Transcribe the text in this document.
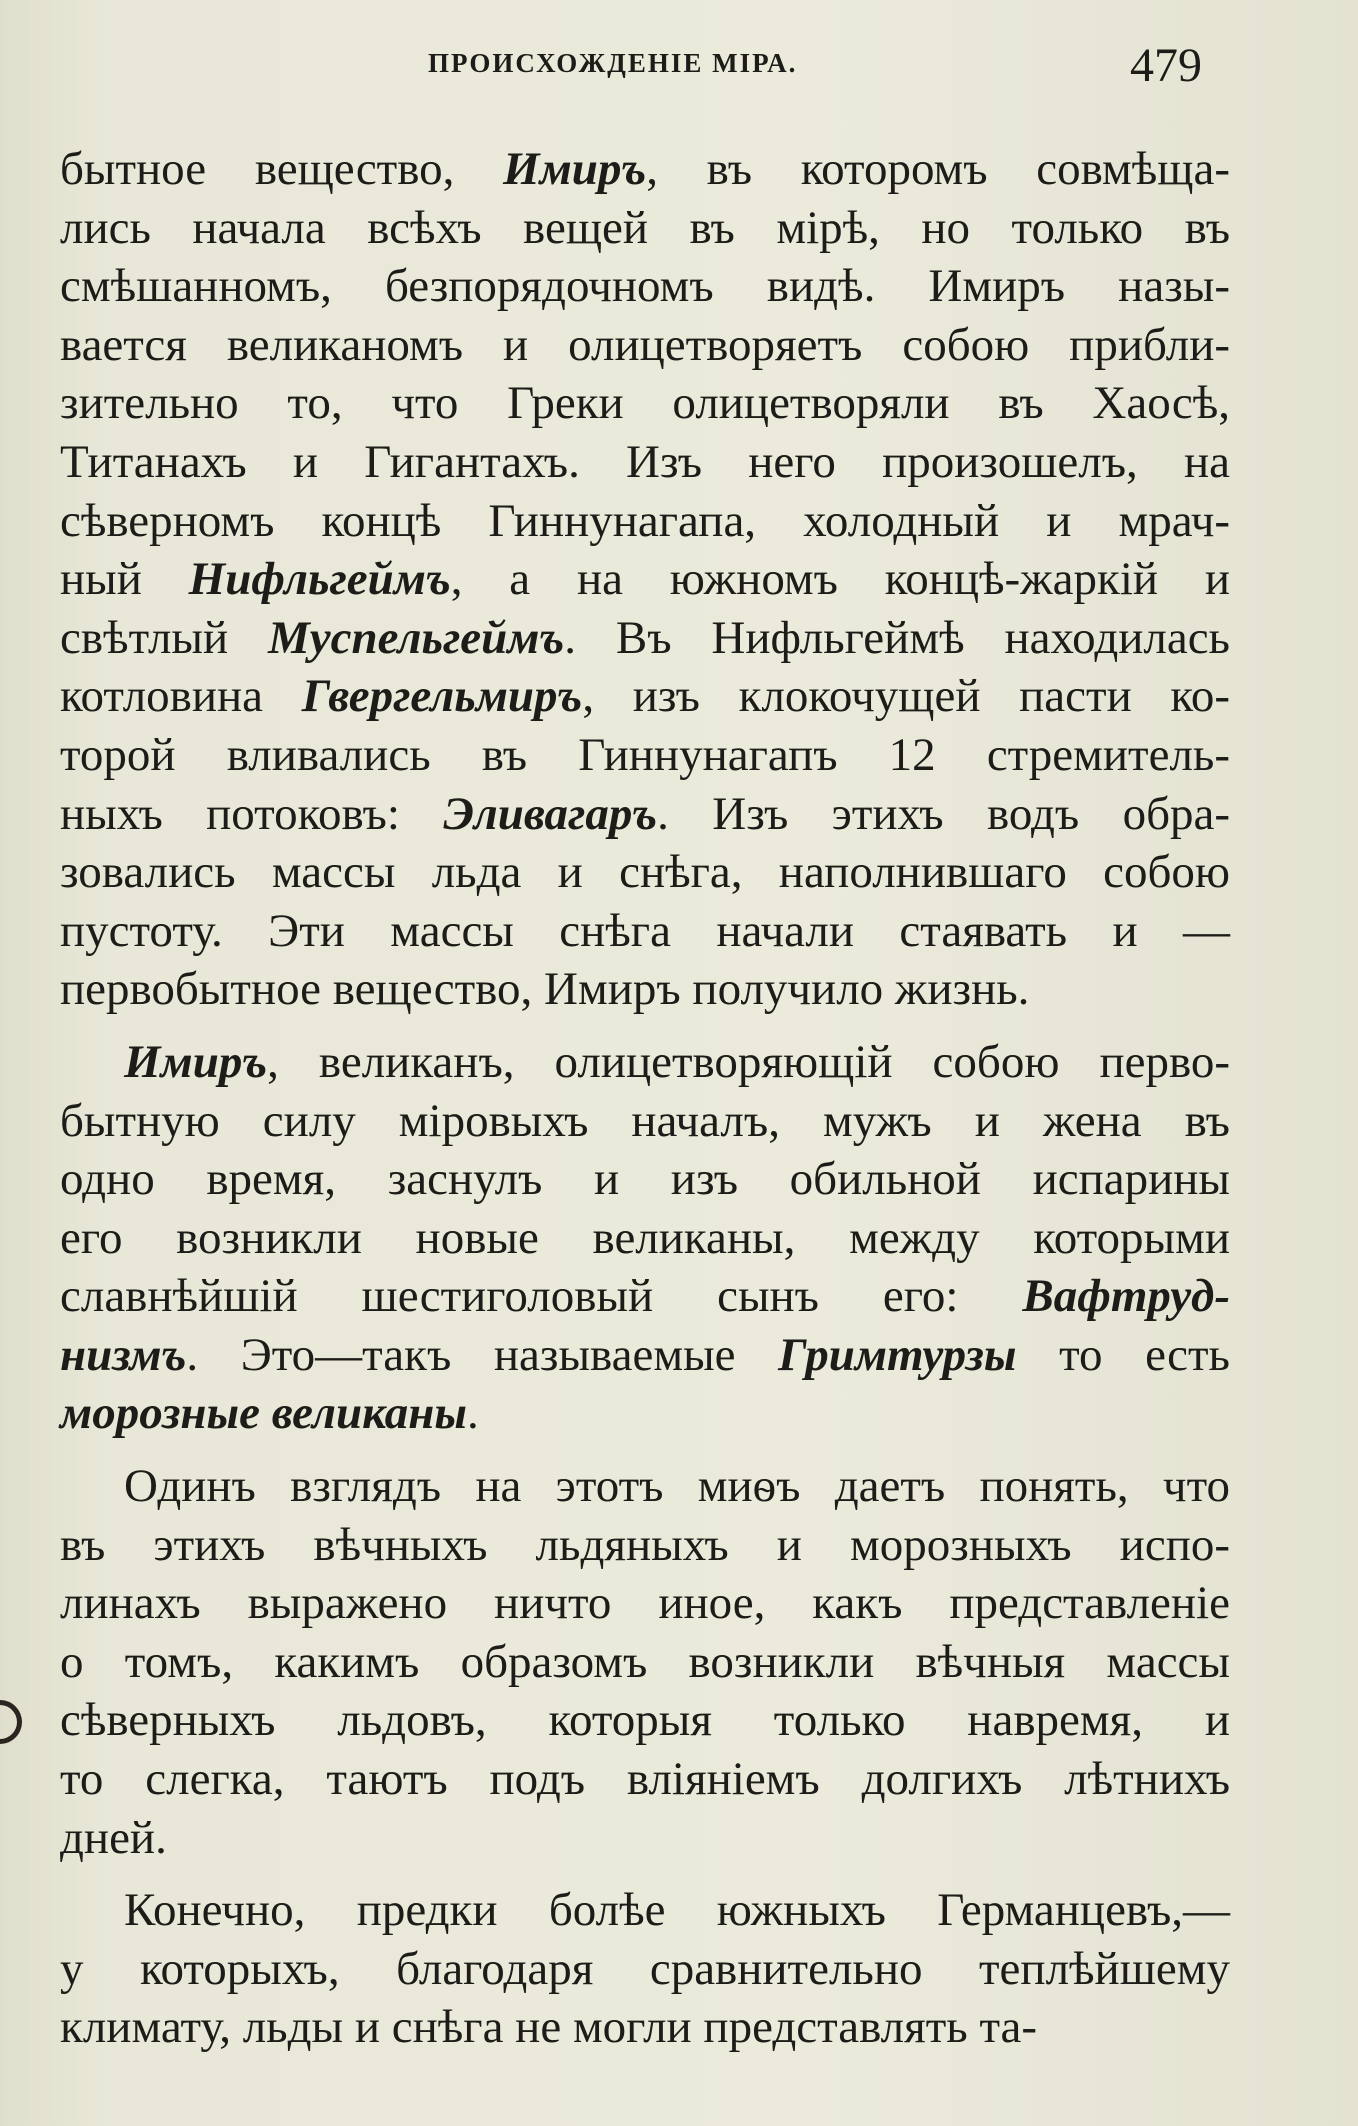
ПРОИСХОЖДЕНІЕ МІРА.	479
бытное вещество, Имиръ, въ которомъ совмѣща-
лись начала всѣхъ вещей въ мірѣ, но только въ
смѣшанномъ, безпорядочномъ видѣ. Имиръ назы-
вается великаномъ и олицетворяетъ собою прибли-
зительно то, что Греки олицетворяли въ Хаосѣ,
Титанахъ и Гигантахъ. Изъ него произошелъ, на
сѣверномъ концѣ Гиннунагапа, холодный и мрач-
ный Нифльгеймъ, а на южномъ концѣ-жаркій и
свѣтлый Муспельгеймъ. Въ Нифльгеймѣ находилась
котловина Гвергельмиръ, изъ клокочущей пасти ко-
торой вливались въ Гиннунагапъ 12 стремитель-
ныхъ потоковъ: Эливагаръ. Изъ этихъ водъ обра-
зовались массы льда и снѣга, наполнившаго собою
пустоту. Эти массы снѣга начали стаявать и —
первобытное вещество, Имиръ получило жизнь.
Имиръ, великанъ, олицетворяющій собою перво-
бытную силу міровыхъ началъ, мужъ и жена въ
одно время, заснулъ и изъ обильной испарины
его возникли новые великаны, между которыми
славнѣйшій шестиголовый сынъ его: Вафтруд-
низмъ. Это—такъ называемые Гримтурзы то есть
морозные великаны.
Одинъ взглядъ на этотъ миѳъ даетъ понять, что
въ этихъ вѣчныхъ льдяныхъ и морозныхъ испо-
линахъ выражено ничто иное, какъ представленіе
о томъ, какимъ образомъ возникли вѣчныя массы
сѣверныхъ льдовъ, которыя только навремя, и
то слегка, таютъ подъ вліяніемъ долгихъ лѣтнихъ
дней.
Конечно, предки болѣе южныхъ Германцевъ,—
у которыхъ, благодаря сравнительно теплѣйшему
климату, льды и снѣга не могли представлять та-
